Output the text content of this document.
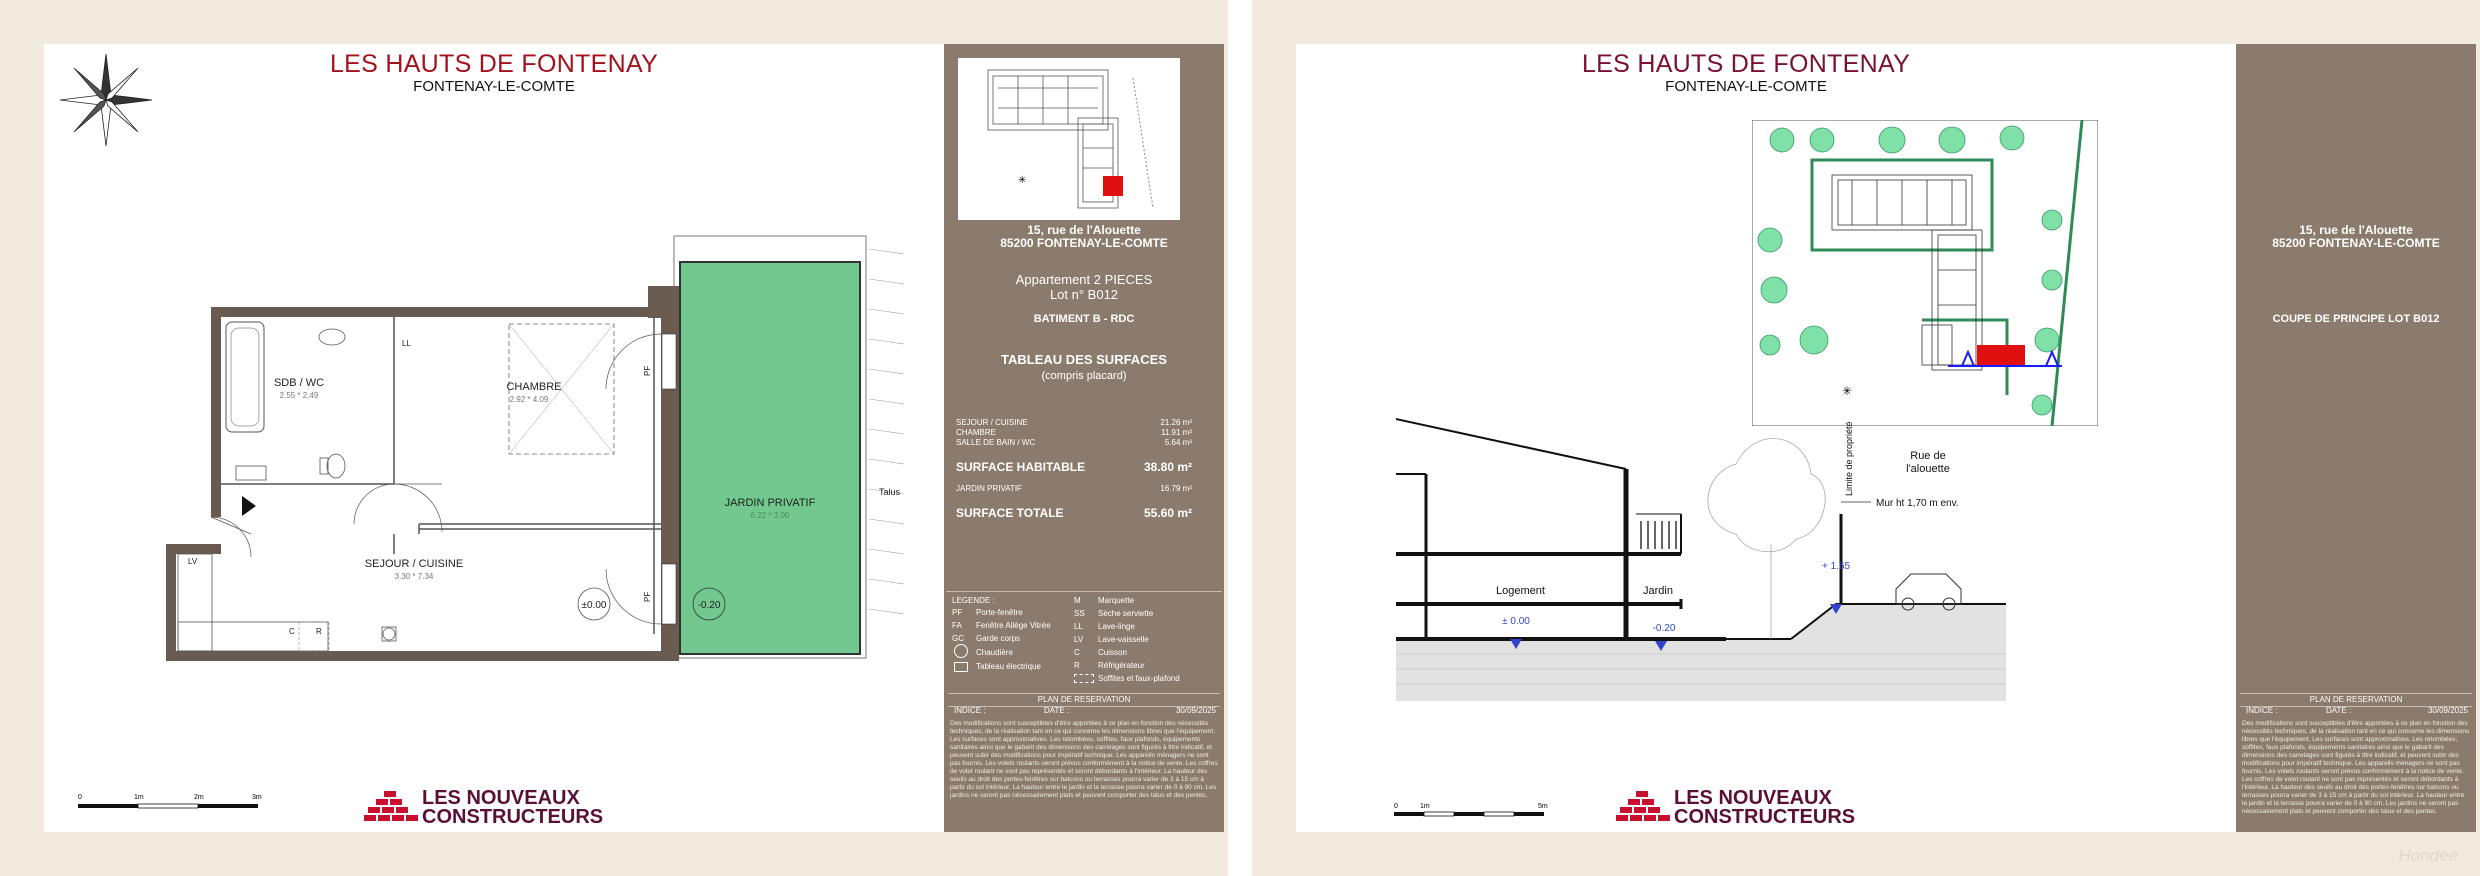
LES HAUTS DE FONTENAY
FONTENAY-LE-COMTE
SDB / WC
2.55 * 2.49
CHAMBRE
2.92 * 4.09
SEJOUR / CUISINE
3.30 * 7.34
JARDIN PRIVATIF
6.22 * 3.00
Talus
±0.00	-0.20
PF
PF
LL
LV
C	R
0	1m	2m	3m	LES NOUVEAUX
CONSTRUCTEURS
✳
15, rue de l'Alouette
85200 FONTENAY-LE-COMTE
Appartement 2 PIECES
Lot n° B012
BATIMENT B - RDC
TABLEAU DES SURFACES
(compris placard)
SEJOUR / CUISINE	21.26 m²
CHAMBRE	11.91 m²
SALLE DE BAIN / WC	5.64 m²
SURFACE HABITABLE	38.80 m²
JARDIN PRIVATIF	16.79 m²
SURFACE TOTALE	55.60 m²
LEGENDE :
PF Porte-fenêtre
FA Fenêtre Allège Vitrée
GC Garde corps
Chaudière
Tableau électrique
M Marquette
SS Sèche serviette
LL Lave-linge
LV Lave-vaisselle
C Cuisson
R Réfrigérateur
Soffites et faux-plafond
PLAN DE RESERVATION
INDICE :	DATE :	30/09/2025
Des modifications sont susceptibles d'être apportées à ce plan en fonction des nécessités techniques, de la réalisation tant en ce qui concerne les dimensions libres que l'équipement. Les surfaces sont approximatives. Les retombées, soffites, faux plafonds, équipements sanitaires ainsi que le gabarit des dimensions des carrelages sont figurés à titre indicatif, et peuvent subir des modifications pour impératif technique. Les appareils ménagers ne sont pas fournis. Les volets roulants seront prévus conformément à la notice de vente. Les coffres de volet roulant ne sont pas représentés et seront débordants à l'intérieur. La hauteur des seuils au droit des portes-fenêtres sur balcons ou terrasses pourra varier de 3 à 15 cm à partir du sol intérieur. La hauteur entre le jardin et la terrasse pourra varier de 0 à 90 cm. Les jardins ne seront pas nécessairement plats et peuvent comporter des talus et des pentes.
LES HAUTS DE FONTENAY
FONTENAY-LE-COMTE
✳
Logement
± 0.00
Jardin
-0.20
+ 1.65
Limite de propriété
Mur ht 1,70 m env.
Rue de l'alouette
0	1m	5m	LES NOUVEAUX
CONSTRUCTEURS
15, rue de l'Alouette
85200 FONTENAY-LE-COMTE
COUPE DE PRINCIPE LOT B012
PLAN DE RESERVATION
INDICE :	DATE :	30/09/2025
Des modifications sont susceptibles d'être apportées à ce plan en fonction des nécessités techniques, de la réalisation tant en ce qui concerne les dimensions libres que l'équipement. Les surfaces sont approximatives. Les retombées, soffites, faux plafonds, équipements sanitaires ainsi que le gabarit des dimensions des carrelages sont figurés à titre indicatif, et peuvent subir des modifications pour impératif technique. Les appareils ménagers ne sont pas fournis. Les volets roulants seront prévus conformément à la notice de vente. Les coffres de volet roulant ne sont pas représentés et seront débordants à l'intérieur. La hauteur des seuils au droit des portes-fenêtres sur balcons ou terrasses pourra varier de 3 à 15 cm à partir du sol intérieur. La hauteur entre le jardin et la terrasse pourra varier de 0 à 90 cm. Les jardins ne seront pas nécessairement plats et peuvent comporter des talus et des pentes.
Hondee
